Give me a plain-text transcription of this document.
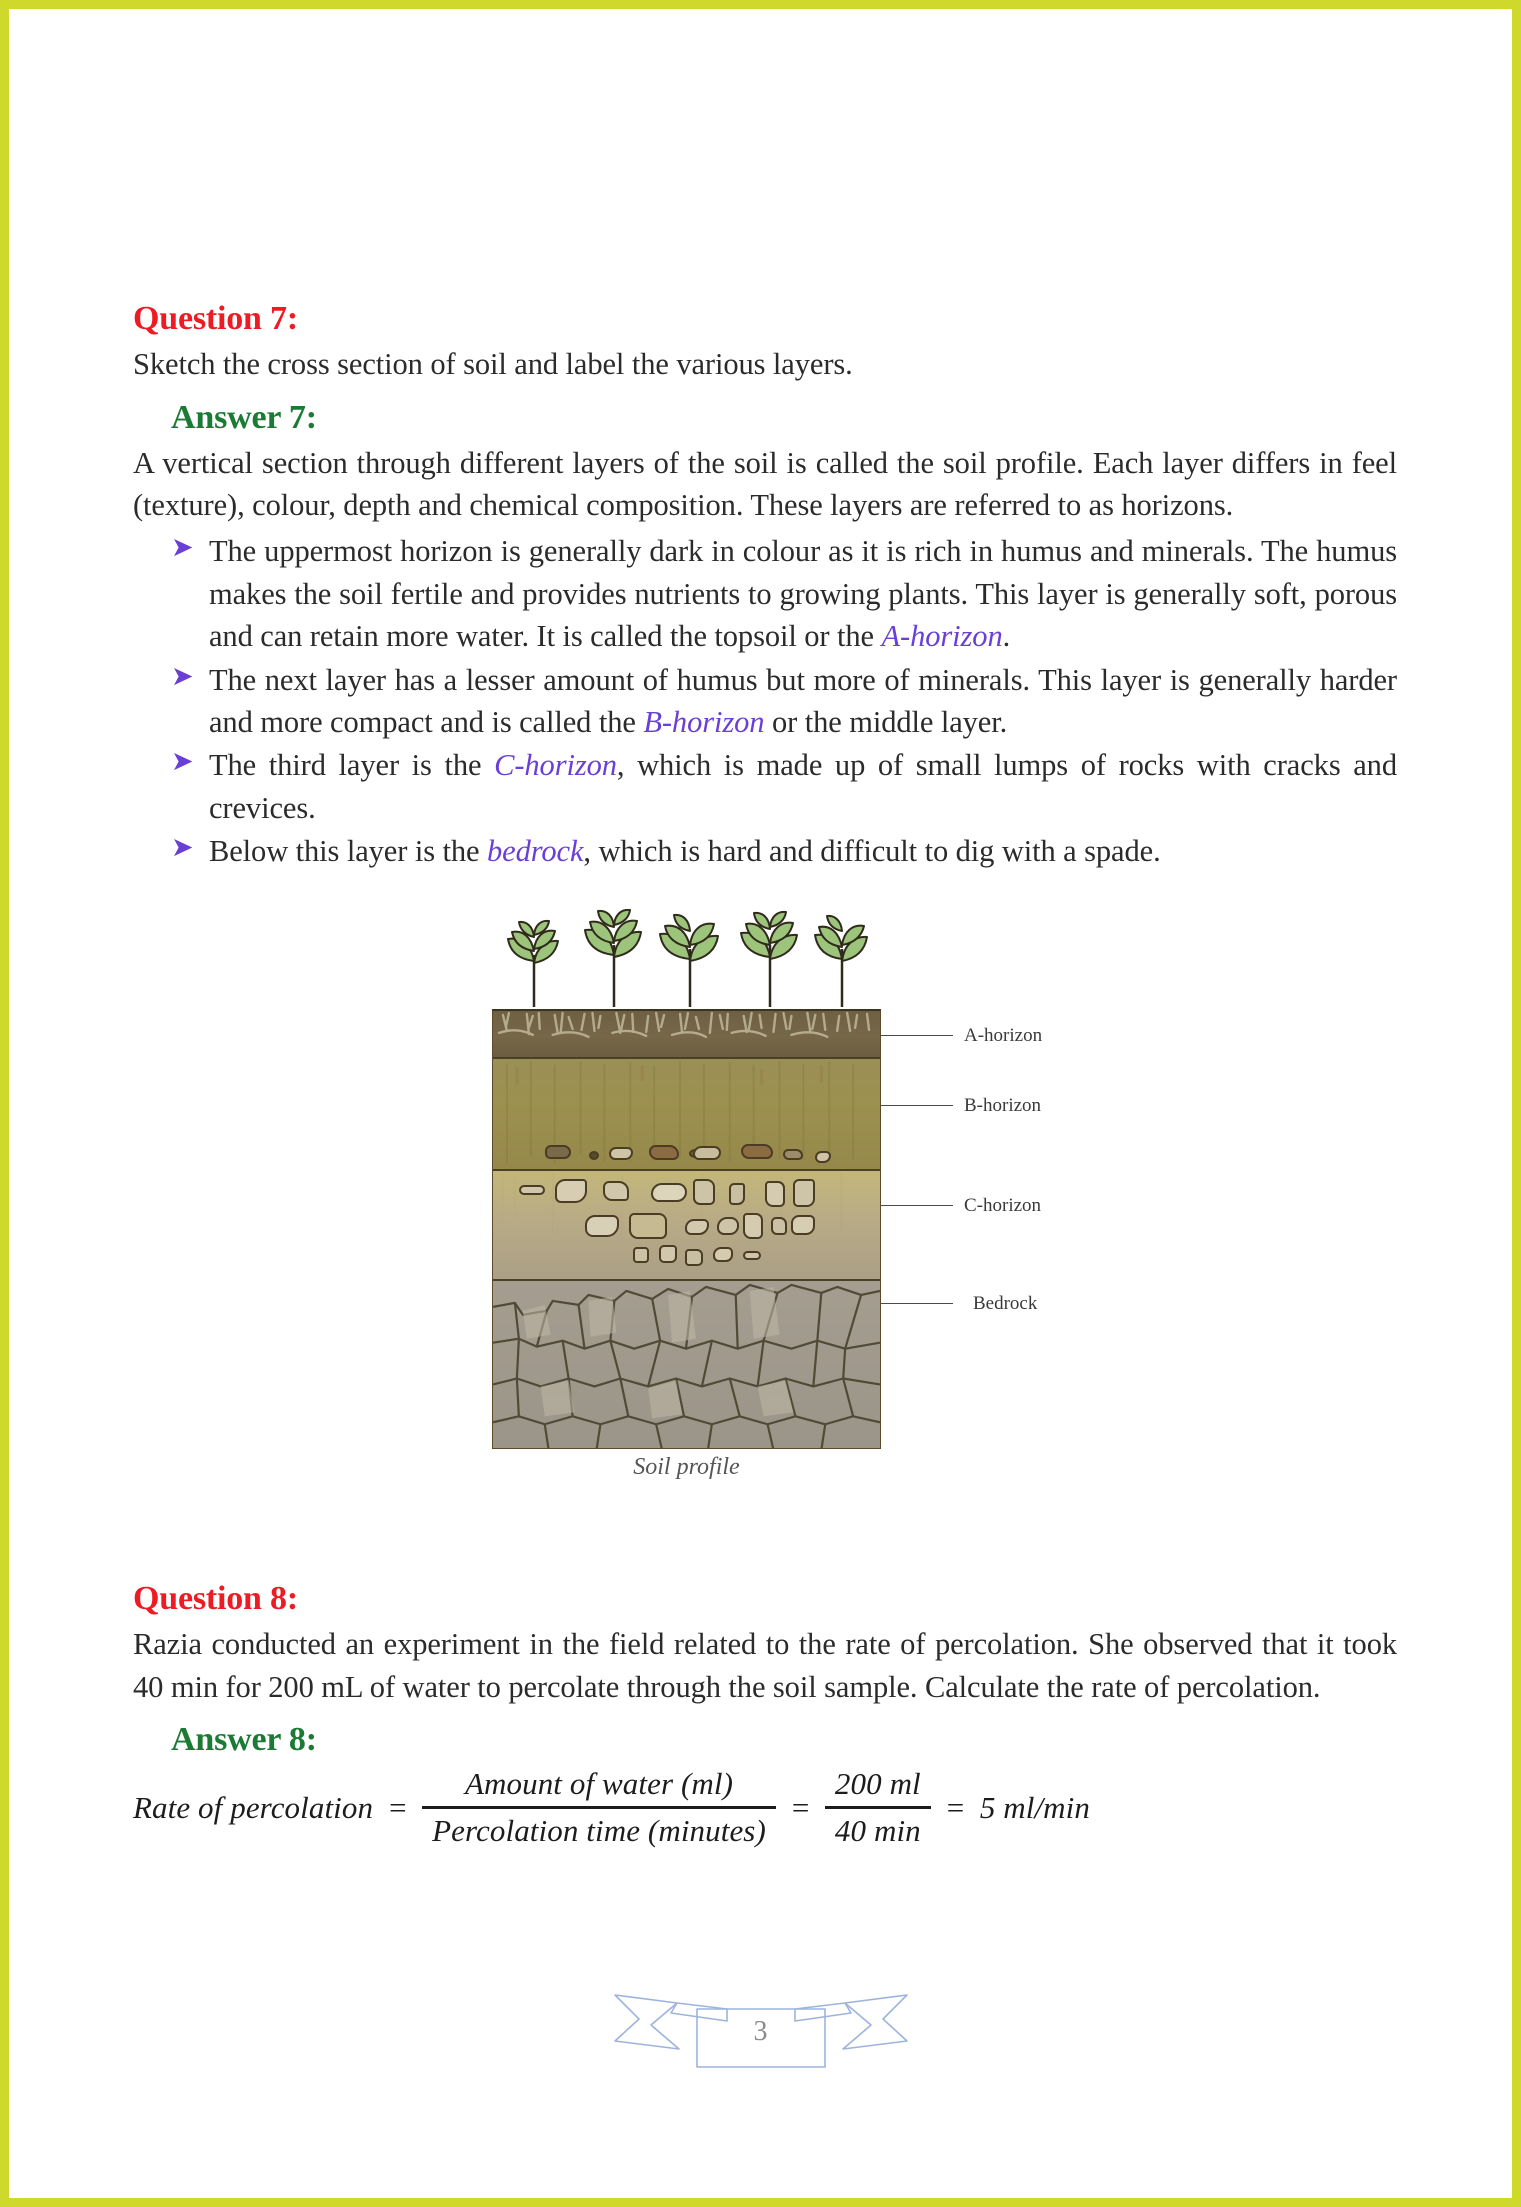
Question 7:

Sketch the cross section of soil and label the various layers.

Answer 7:

A vertical section through different layers of the soil is called the soil profile. Each layer differs in feel (texture), colour, depth and chemical composition. These layers are referred to as horizons.

➤ The uppermost horizon is generally dark in colour as it is rich in humus and minerals. The humus makes the soil fertile and provides nutrients to growing plants. This layer is generally soft, porous and can retain more water. It is called the topsoil or the A-horizon.
➤ The next layer has a lesser amount of humus but more of minerals. This layer is generally harder and more compact and is called the B-horizon or the middle layer.
➤ The third layer is the C-horizon, which is made up of small lumps of rocks with cracks and crevices.
➤ Below this layer is the bedrock, which is hard and difficult to dig with a spade.
A-horizon
B-horizon
C-horizon
Bedrock
Soil profile
Question 8:

Razia conducted an experiment in the field related to the rate of percolation. She observed that it took 40 min for 200 mL of water to percolate through the soil sample. Calculate the rate of percolation.

Answer 8:
Rate of percolation = $\frac{\text{Amount of water (ml)}}{\text{Percolation time (minutes)}} = \frac{200 ml}{40 \min} = 5$ ml/min
3
